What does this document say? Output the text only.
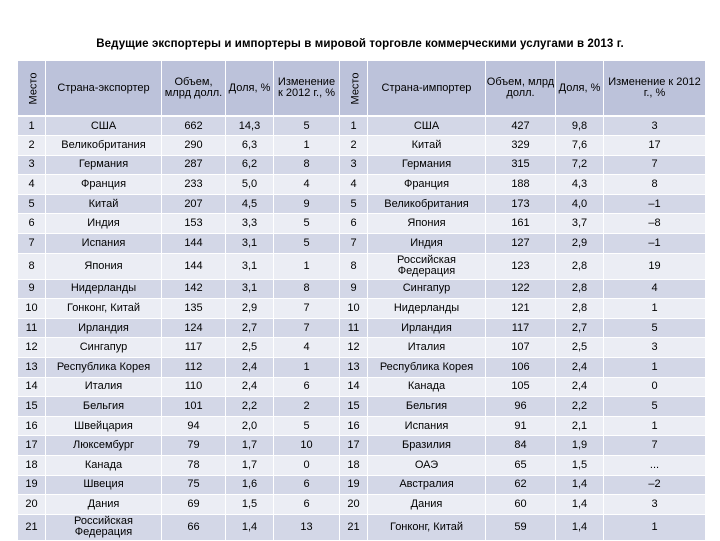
Ведущие экспортеры и импортеры в мировой торговле коммерческими услугами в 2013 г.
Место	Страна-экспортер	Объем, млрд долл.	Доля, %	Изменение к 2012 г., %	Место	Страна-импортер	Объем, млрд долл.	Доля, %	Изменение к 2012 г., %
1	США	662	14,3	5	1	США	427	9,8	3
2	Великобритания	290	6,3	1	2	Китай	329	7,6	17
3	Германия	287	6,2	8	3	Германия	315	7,2	7
4	Франция	233	5,0	4	4	Франция	188	4,3	8
5	Китай	207	4,5	9	5	Великобритания	173	4,0	–1
6	Индия	153	3,3	5	6	Япония	161	3,7	–8
7	Испания	144	3,1	5	7	Индия	127	2,9	–1
8	Япония	144	3,1	1	8	Российская Федерация	123	2,8	19
9	Нидерланды	142	3,1	8	9	Сингапур	122	2,8	4
10	Гонконг, Китай	135	2,9	7	10	Нидерланды	121	2,8	1
11	Ирландия	124	2,7	7	11	Ирландия	117	2,7	5
12	Сингапур	117	2,5	4	12	Италия	107	2,5	3
13	Республика Корея	112	2,4	1	13	Республика Корея	106	2,4	1
14	Италия	110	2,4	6	14	Канада	105	2,4	0
15	Бельгия	101	2,2	2	15	Бельгия	96	2,2	5
16	Швейцария	94	2,0	5	16	Испания	91	2,1	1
17	Люксембург	79	1,7	10	17	Бразилия	84	1,9	7
18	Канада	78	1,7	0	18	ОАЭ	65	1,5	...
19	Швеция	75	1,6	6	19	Австралия	62	1,4	–2
20	Дания	69	1,5	6	20	Дания	60	1,4	3
21	Российская Федерация	66	1,4	13	21	Гонконг, Китай	59	1,4	1
